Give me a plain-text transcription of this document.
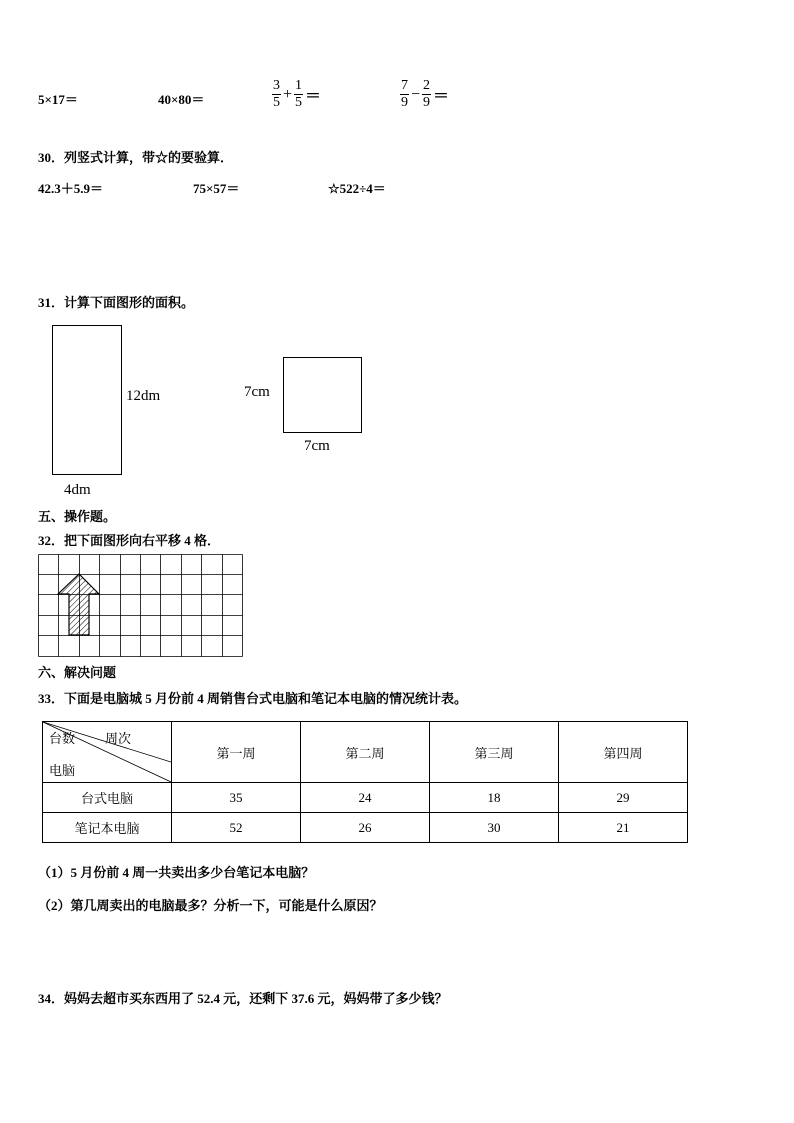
5×17＝	40×80＝	$\frac{3}{5} + \frac{1}{5}$ ＝	$\frac{7}{9} - \frac{2}{9}$ ＝
30．列竖式计算，带☆的要验算．
42.3＋5.9＝	75×57＝	☆522÷4＝
31．计算下面图形的面积。
12dm
4dm
7cm
7cm
五、操作题。
32．把下面图形向右平移 4 格．
六、解决问题
33．下面是电脑城 5 月份前 4 周销售台式电脑和笔记本电脑的情况统计表。
台数 周次
电脑	第一周	第二周	第三周	第四周
台式电脑	35	24	18	29
笔记本电脑	52	26	30	21
（1）5 月份前 4 周一共卖出多少台笔记本电脑？
（2）第几周卖出的电脑最多？分析一下，可能是什么原因？
34．妈妈去超市买东西用了 52.4 元，还剩下 37.6 元，妈妈带了多少钱？
